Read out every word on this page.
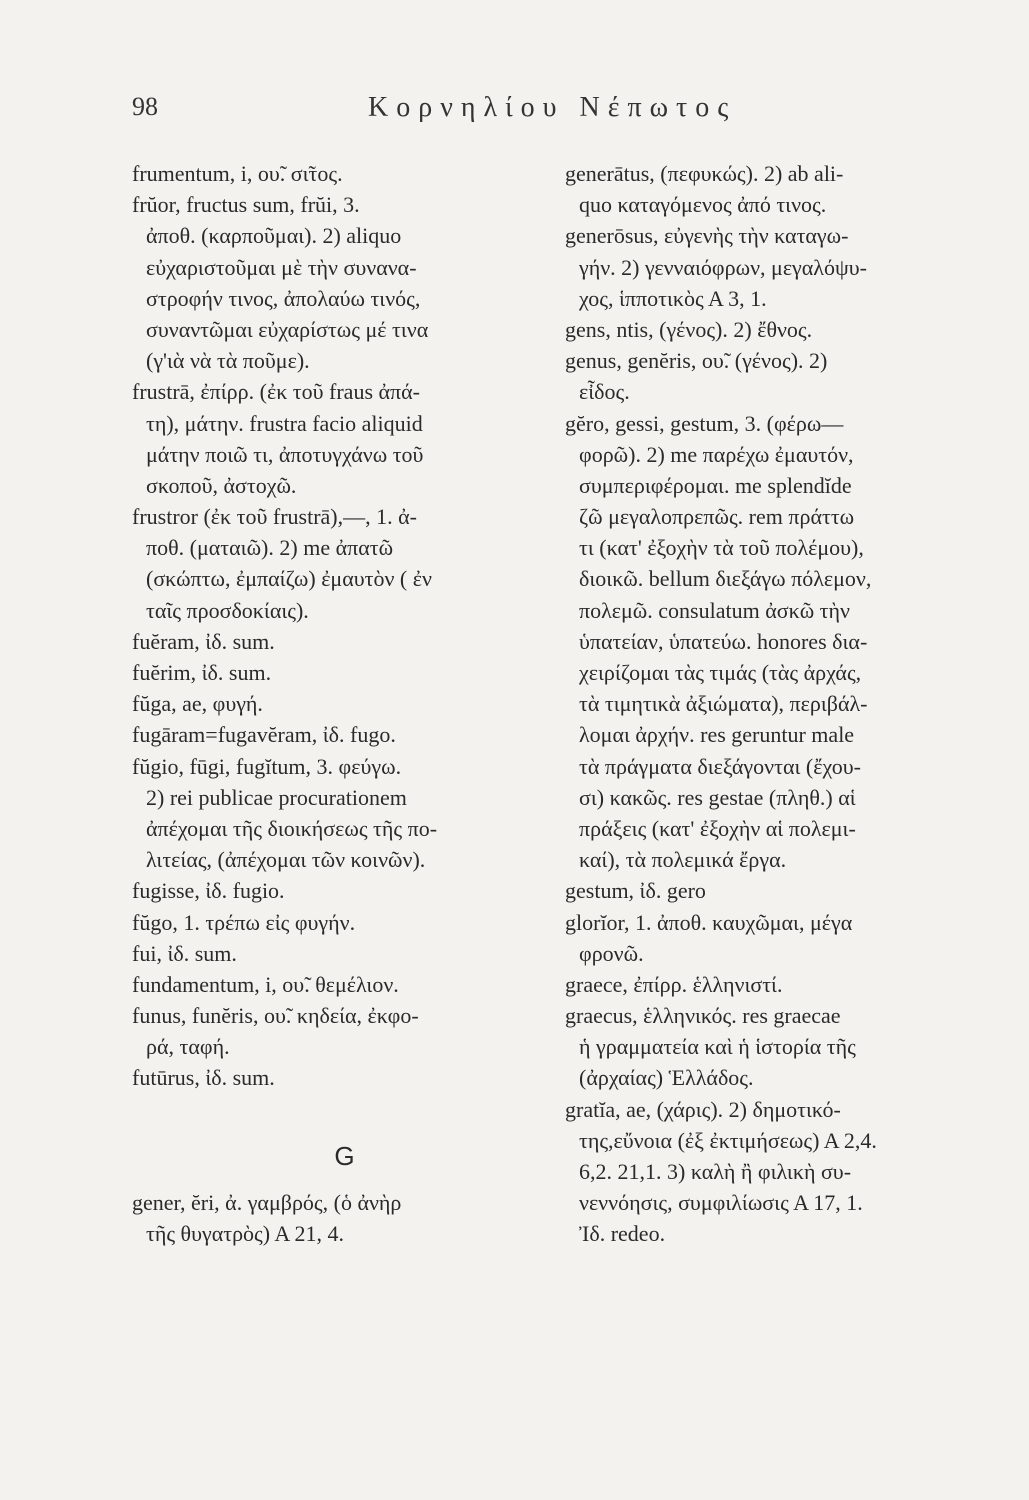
98	Κορνηλίου Νέπωτος
frumentum, i, ου̃. σι̃τος.
frŭor, fructus sum, frŭi, 3.
ἀποθ. (καρποῦμαι). 2) aliquo
εὐχαριστοῦμαι μὲ τὴν συνανα-
στροφήν τινος, ἀπολαύω τινός,
συναντῶμαι εὐχαρίστως μέ τινα
(γ'ιὰ νὰ τὰ ποῦμε).
frustrā, ἐπίρρ. (ἐκ τοῦ fraus ἀπά-
τη), μάτην. frustra facio aliquid
μάτην ποιῶ τι, ἀποτυγχάνω τοῦ
σκοποῦ, ἀστοχῶ.
frustror (ἐκ τοῦ frustrā),—, 1. ἀ-
ποθ. (ματαιῶ). 2) me ἀπατῶ
(σκώπτω, ἐμπαίζω) ἐμαυτὸν ( ἐν
ταῖς προσδοκίαις).
fuĕram, ἰδ. sum.
fuĕrim, ἰδ. sum.
fŭga, ae, φυγή.
fugāram=fugavĕram, ἰδ. fugo.
fŭgio, fūgi, fugĭtum, 3. φεύγω.
2) rei publicae procurationem
ἀπέχομαι τῆς διοικήσεως τῆς πο-
λιτείας, (ἀπέχομαι τῶν κοινῶν).
fugisse, ἰδ. fugio.
fŭgo, 1. τρέπω εἰς φυγήν.
fui, ἰδ. sum.
fundamentum, i, ου̃. θεμέλιον.
funus, funĕris, ου̃. κηδεία, ἐκφο-
ρά, ταφή.
futūrus, ἰδ. sum.
G
gener, ĕri, ἀ. γαμβρός, (ὁ ἀνὴρ
τῆς θυγατρὸς) Α 21, 4.
generātus, (πεφυκώς). 2) ab ali-
quo καταγόμενος ἀπό τινος.
generōsus, εὐγενὴς τὴν καταγω-
γήν. 2) γενναιόφρων, μεγαλόψυ-
χος, ἱπποτικὸς Α 3, 1.
gens, ntis, (γένος). 2) ἔθνος.
genus, genĕris, ου̃. (γένος). 2)
εἶδος.
gĕro, gessi, gestum, 3. (φέρω—
φορῶ). 2) me παρέχω ἐμαυτόν,
συμπεριφέρομαι. me splendĭde
ζῶ μεγαλοπρεπῶς. rem πράττω
τι (κατ' ἐξοχὴν τὰ τοῦ πολέμου),
διοικῶ. bellum διεξάγω πόλεμον,
πολεμῶ. consulatum ἀσκῶ τὴν
ὑπατείαν, ὑπατεύω. honores δια-
χειρίζομαι τὰς τιμάς (τὰς ἀρχάς,
τὰ τιμητικὰ ἀξιώματα), περιβάλ-
λομαι ἀρχήν. res geruntur male
τὰ πράγματα διεξάγονται (ἔχου-
σι) κακῶς. res gestae (πληθ.) αἱ
πράξεις (κατ' ἐξοχὴν αἱ πολεμι-
καί), τὰ πολεμικά ἔργα.
gestum, ἰδ. gero
glorĭor, 1. ἀποθ. καυχῶμαι, μέγα
φρονῶ.
graece, ἐπίρρ. ἑλληνιστί.
graecus, ἑλληνικός. res graecae
ἡ γραμματεία καὶ ἡ ἱστορία τῆς
(ἀρχαίας) Ἑλλάδος.
gratĭa, ae, (χάρις). 2) δημοτικό-
της,εὔνοια (ἐξ ἐκτιμήσεως) Α 2,4.
6,2. 21,1. 3) καλὴ ἢ φιλικὴ συ-
νεννόησις, συμφιλίωσις Α 17, 1.
Ἰδ. redeo.
